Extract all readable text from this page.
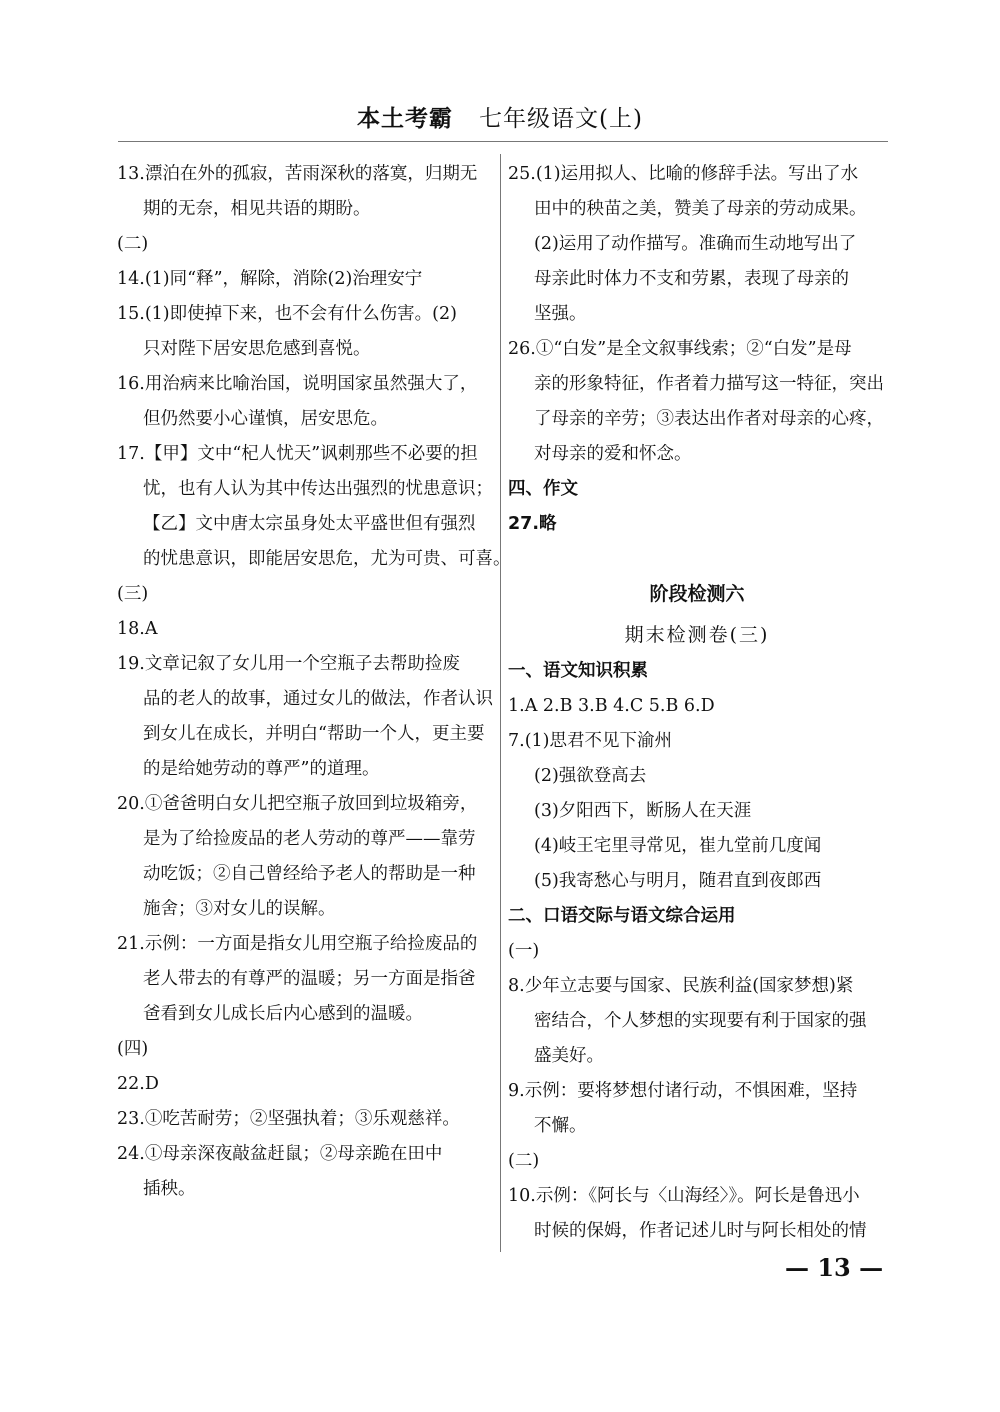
本土考霸 七年级语文(上)
13.漂泊在外的孤寂，苦雨深秋的落寞，归期无
期的无奈，相见共语的期盼。
(二)
14.(1)同“释”，解除，消除(2)治理安宁
15.(1)即使掉下来，也不会有什么伤害。(2)
只对陛下居安思危感到喜悦。
16.用治病来比喻治国，说明国家虽然强大了，
但仍然要小心谨慎，居安思危。
17.【甲】文中“杞人忧天”讽刺那些不必要的担
忧，也有人认为其中传达出强烈的忧患意识；
【乙】文中唐太宗虽身处太平盛世但有强烈
的忧患意识，即能居安思危，尤为可贵、可喜。
(三)
18.A
19.文章记叙了女儿用一个空瓶子去帮助捡废
品的老人的故事，通过女儿的做法，作者认识
到女儿在成长，并明白“帮助一个人，更主要
的是给她劳动的尊严”的道理。
20.①爸爸明白女儿把空瓶子放回到垃圾箱旁，
是为了给捡废品的老人劳动的尊严——靠劳
动吃饭；②自己曾经给予老人的帮助是一种
施舍；③对女儿的误解。
21.示例：一方面是指女儿用空瓶子给捡废品的
老人带去的有尊严的温暖；另一方面是指爸
爸看到女儿成长后内心感到的温暖。
(四)
22.D
23.①吃苦耐劳；②坚强执着；③乐观慈祥。
24.①母亲深夜敲盆赶鼠；②母亲跪在田中
插秧。
25.(1)运用拟人、比喻的修辞手法。写出了水
田中的秧苗之美，赞美了母亲的劳动成果。
(2)运用了动作描写。准确而生动地写出了
母亲此时体力不支和劳累，表现了母亲的
坚强。
26.①“白发”是全文叙事线索；②“白发”是母
亲的形象特征，作者着力描写这一特征，突出
了母亲的辛劳；③表达出作者对母亲的心疼，
对母亲的爱和怀念。
四、作文
27.略
阶段检测六
期末检测卷(三)
一、语文知识积累
1.A 2.B 3.B 4.C 5.B 6.D
7.(1)思君不见下渝州
(2)强欲登高去
(3)夕阳西下，断肠人在天涯
(4)岐王宅里寻常见，崔九堂前几度闻
(5)我寄愁心与明月，随君直到夜郎西
二、口语交际与语文综合运用
(一)
8.少年立志要与国家、民族利益(国家梦想)紧
密结合，个人梦想的实现要有利于国家的强
盛美好。
9.示例：要将梦想付诸行动，不惧困难，坚持
不懈。
(二)
10.示例：《阿长与〈山海经〉》。阿长是鲁迅小
时候的保姆，作者记述儿时与阿长相处的情
— 13 —
